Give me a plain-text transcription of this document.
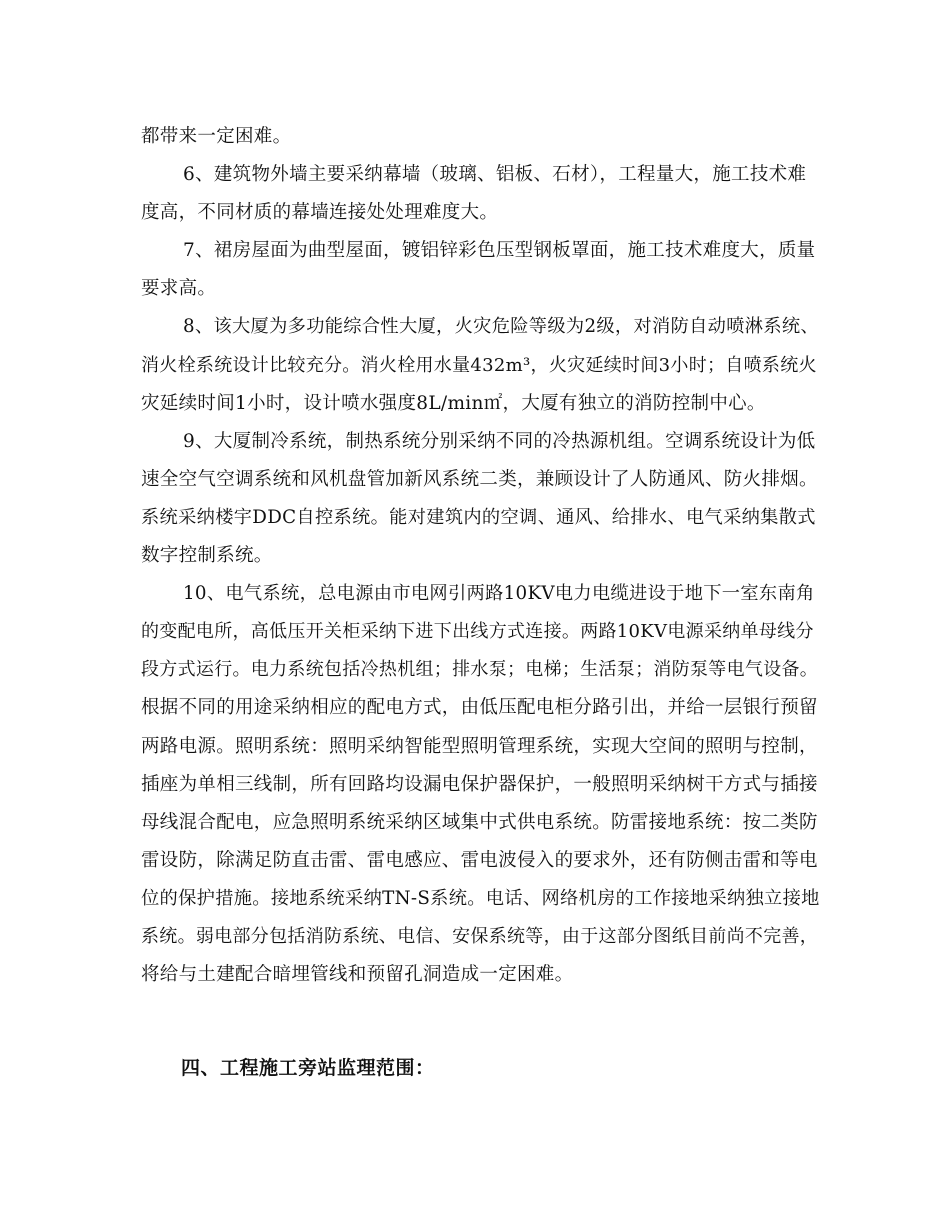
都带来一定困难。
6、建筑物外墙主要采纳幕墙（玻璃、铝板、石材），工程量大，施工技术难
度高，不同材质的幕墙连接处处理难度大。
7、裙房屋面为曲型屋面，镀铝锌彩色压型钢板罩面，施工技术难度大，质量
要求高。
8、该大厦为多功能综合性大厦，火灾危险等级为2级，对消防自动喷淋系统、
消火栓系统设计比较充分。消火栓用水量432m³，火灾延续时间3小时；自喷系统火
灾延续时间1小时，设计喷水强度8L/min㎡，大厦有独立的消防控制中心。
9、大厦制冷系统，制热系统分别采纳不同的冷热源机组。空调系统设计为低
速全空气空调系统和风机盘管加新风系统二类，兼顾设计了人防通风、防火排烟。
系统采纳楼宇DDC自控系统。能对建筑内的空调、通风、给排水、电气采纳集散式
数字控制系统。
10、电气系统，总电源由市电网引两路10KV电力电缆进设于地下一室东南角
的变配电所，高低压开关柜采纳下进下出线方式连接。两路10KV电源采纳单母线分
段方式运行。电力系统包括冷热机组；排水泵；电梯；生活泵；消防泵等电气设备。
根据不同的用途采纳相应的配电方式，由低压配电柜分路引出，并给一层银行预留
两路电源。照明系统：照明采纳智能型照明管理系统，实现大空间的照明与控制，
插座为单相三线制，所有回路均设漏电保护器保护，一般照明采纳树干方式与插接
母线混合配电，应急照明系统采纳区域集中式供电系统。防雷接地系统：按二类防
雷设防，除满足防直击雷、雷电感应、雷电波侵入的要求外，还有防侧击雷和等电
位的保护措施。接地系统采纳TN-S系统。电话、网络机房的工作接地采纳独立接地
系统。弱电部分包括消防系统、电信、安保系统等，由于这部分图纸目前尚不完善，
将给与土建配合暗埋管线和预留孔洞造成一定困难。
四、工程施工旁站监理范围：
